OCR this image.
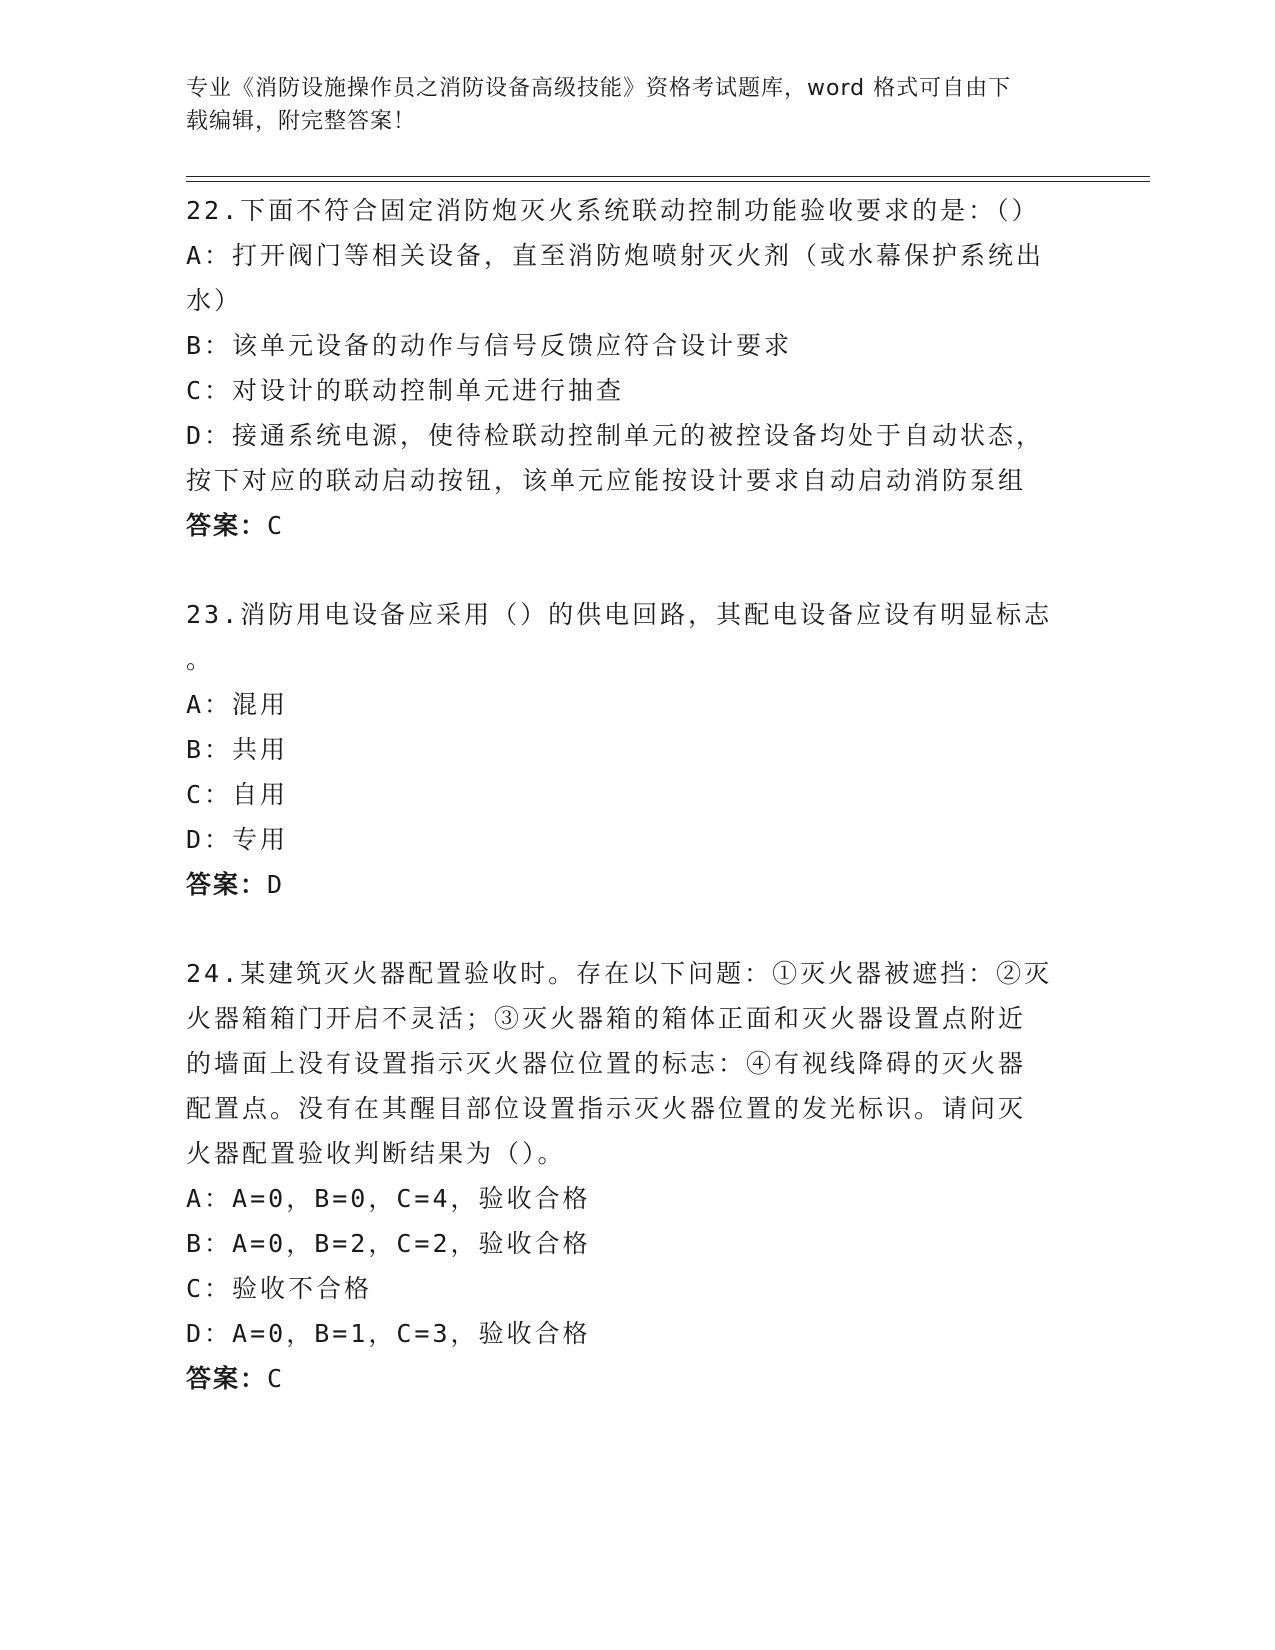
专业《消防设施操作员之消防设备高级技能》资格考试题库，word 格式可自由下
载编辑，附完整答案！
22.下面不符合固定消防炮灭火系统联动控制功能验收要求的是：（）
A：打开阀门等相关设备，直至消防炮喷射灭火剂（或水幕保护系统出
水）
B：该单元设备的动作与信号反馈应符合设计要求
C：对设计的联动控制单元进行抽查
D：接通系统电源，使待检联动控制单元的被控设备均处于自动状态，
按下对应的联动启动按钮，该单元应能按设计要求自动启动消防泵组
答案：C
23.消防用电设备应采用（）的供电回路，其配电设备应设有明显标志
。
A：混用
B：共用
C：自用
D：专用
答案：D
24.某建筑灭火器配置验收时。存在以下问题：①灭火器被遮挡：②灭
火器箱箱门开启不灵活；③灭火器箱的箱体正面和灭火器设置点附近
的墙面上没有设置指示灭火器位位置的标志：④有视线降碍的灭火器
配置点。没有在其醒目部位设置指示灭火器位置的发光标识。请问灭
火器配置验收判断结果为（）。
A：A=0，B=0，C=4，验收合格
B：A=0，B=2，C=2，验收合格
C：验收不合格
D：A=0，B=1，C=3，验收合格
答案：C
